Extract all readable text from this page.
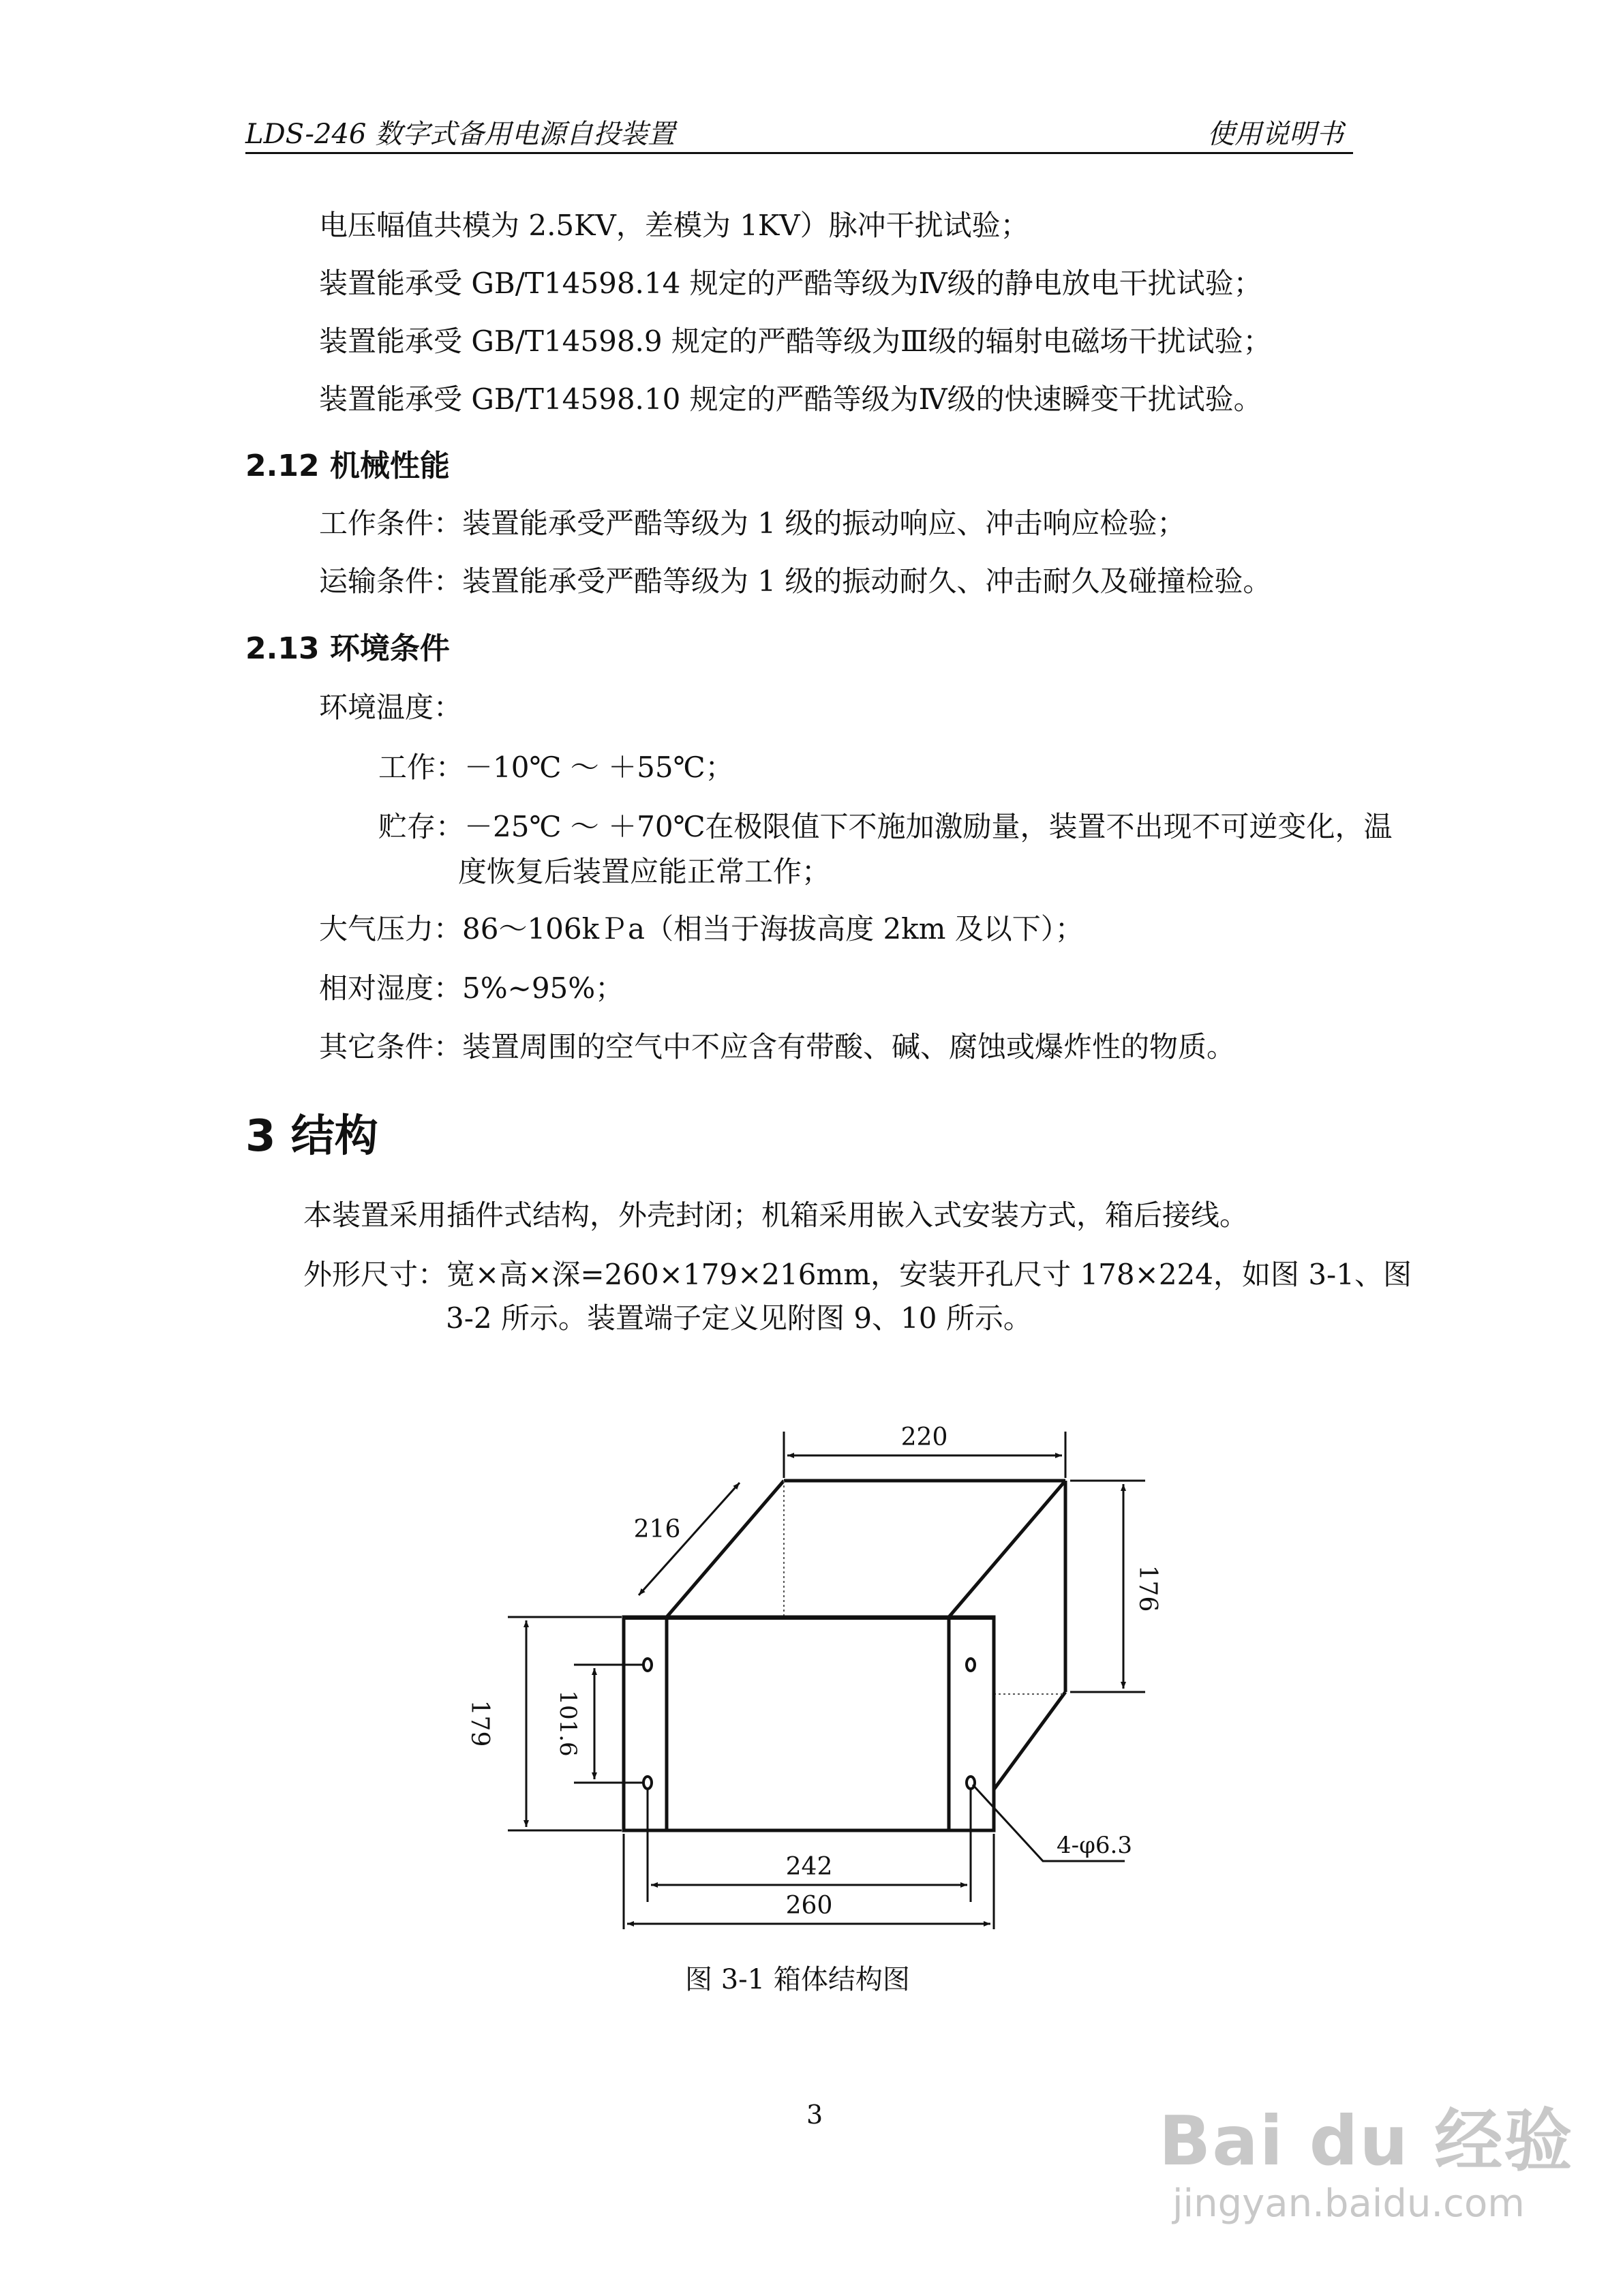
LDS-246 数字式备用电源自投装置	使用说明书
电压幅值共模为 2.5KV，差模为 1KV）脉冲干扰试验；
装置能承受 GB/T14598.14 规定的严酷等级为Ⅳ级的静电放电干扰试验；
装置能承受 GB/T14598.9 规定的严酷等级为Ⅲ级的辐射电磁场干扰试验；
装置能承受 GB/T14598.10 规定的严酷等级为Ⅳ级的快速瞬变干扰试验。
2.12 机械性能
工作条件：装置能承受严酷等级为 1 级的振动响应、冲击响应检验；
运输条件：装置能承受严酷等级为 1 级的振动耐久、冲击耐久及碰撞检验。
2.13 环境条件
环境温度：
工作：－10℃ ～ ＋55℃；
贮存：－25℃ ～ ＋70℃在极限值下不施加激励量，装置不出现不可逆变化，温
度恢复后装置应能正常工作；
大气压力：86～106kＰa（相当于海拔高度 2km 及以下）；
相对湿度：5%~95%；
其它条件：装置周围的空气中不应含有带酸、碱、腐蚀或爆炸性的物质。
3 结构
本装置采用插件式结构，外壳封闭；机箱采用嵌入式安装方式，箱后接线。
外形尺寸：宽×高×深=260×179×216mm，安装开孔尺寸 178×224，如图 3-1、图
3-2 所示。装置端子定义见附图 9、10 所示。
220
216
176
179	101.6
242
260
4-φ6.3
图 3-1 箱体结构图
3	Bai du 经验
jingyan.baidu.com
